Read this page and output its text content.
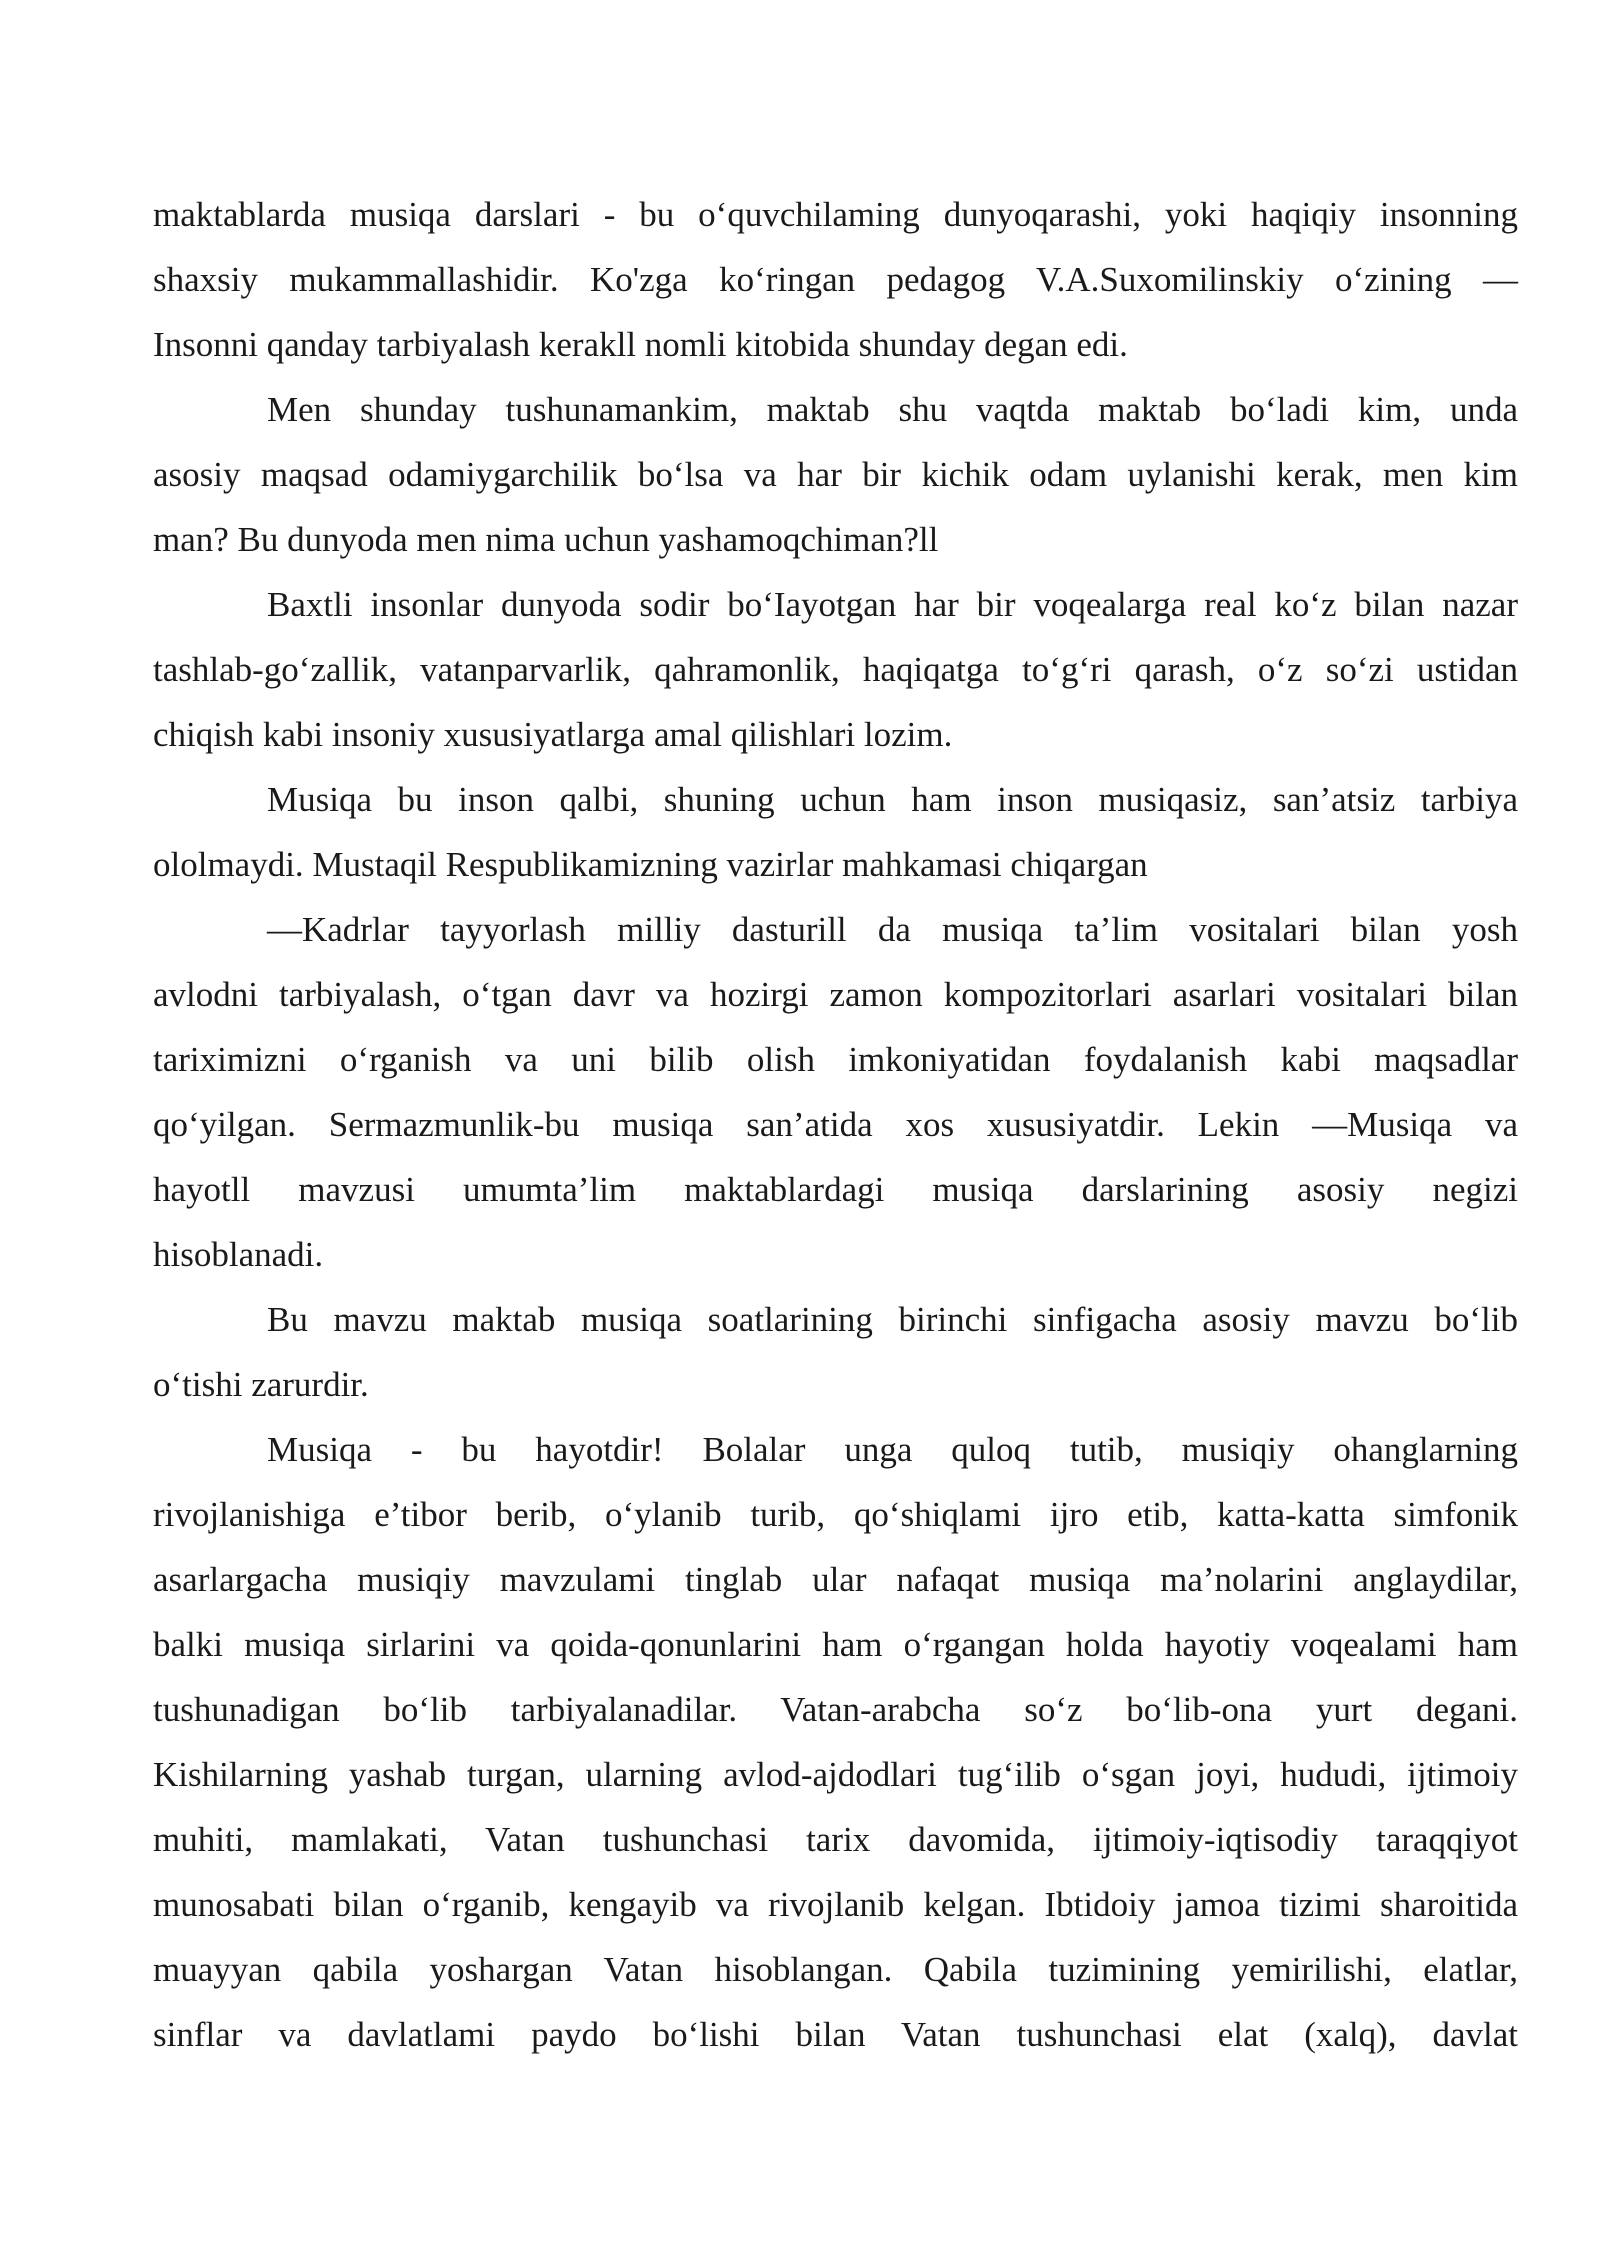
maktablarda musiqa darslari - bu o‘quvchilaming dunyoqarashi, yoki haqiqiy insonning
shaxsiy mukammallashidir. Ko'zga ko‘ringan pedagog V.A.Suxomilinskiy o‘zining —
Insonni qanday tarbiyalash kerakll nomli kitobida shunday degan edi.

Men shunday tushunamankim, maktab shu vaqtda maktab bo‘ladi kim, unda
asosiy maqsad odamiygarchilik bo‘lsa va har bir kichik odam uylanishi kerak, men kim
man? Bu dunyoda men nima uchun yashamoqchiman?ll

Baxtli insonlar dunyoda sodir bo‘Iayotgan har bir voqealarga real ko‘z bilan nazar
tashlab-go‘zallik, vatanparvarlik, qahramonlik, haqiqatga to‘g‘ri qarash, o‘z so‘zi ustidan
chiqish kabi insoniy xususiyatlarga amal qilishlari lozim.

Musiqa bu inson qalbi, shuning uchun ham inson musiqasiz, san’atsiz tarbiya
ololmaydi. Mustaqil Respublikamizning vazirlar mahkamasi chiqargan

—Kadrlar tayyorlash milliy dasturill da musiqa ta’lim vositalari bilan yosh
avlodni tarbiyalash, o‘tgan davr va hozirgi zamon kompozitorlari asarlari vositalari bilan
tariximizni o‘rganish va uni bilib olish imkoniyatidan foydalanish kabi maqsadlar
qo‘yilgan. Sermazmunlik-bu musiqa san’atida xos xususiyatdir. Lekin —Musiqa va
hayotll mavzusi umumta’lim maktablardagi musiqa darslarining asosiy negizi
hisoblanadi.

Bu mavzu maktab musiqa soatlarining birinchi sinfigacha asosiy mavzu bo‘lib
o‘tishi zarurdir.

Musiqa - bu hayotdir! Bolalar unga quloq tutib, musiqiy ohanglarning
rivojlanishiga e’tibor berib, o‘ylanib turib, qo‘shiqlami ijro etib, katta-katta simfonik
asarlargacha musiqiy mavzulami tinglab ular nafaqat musiqa ma’nolarini anglaydilar,
balki musiqa sirlarini va qoida-qonunlarini ham o‘rgangan holda hayotiy voqealami ham
tushunadigan bo‘lib tarbiyalanadilar. Vatan-arabcha so‘z bo‘lib-ona yurt degani.
Kishilarning yashab turgan, ularning avlod-ajdodlari tug‘ilib o‘sgan joyi, hududi, ijtimoiy
muhiti, mamlakati, Vatan tushunchasi tarix davomida, ijtimoiy-iqtisodiy taraqqiyot
munosabati bilan o‘rganib, kengayib va rivojlanib kelgan. Ibtidoiy jamoa tizimi sharoitida
muayyan qabila yoshargan Vatan hisoblangan. Qabila tuzimining yemirilishi, elatlar,
sinflar va davlatlami paydo bo‘lishi bilan Vatan tushunchasi elat (xalq), davlat
